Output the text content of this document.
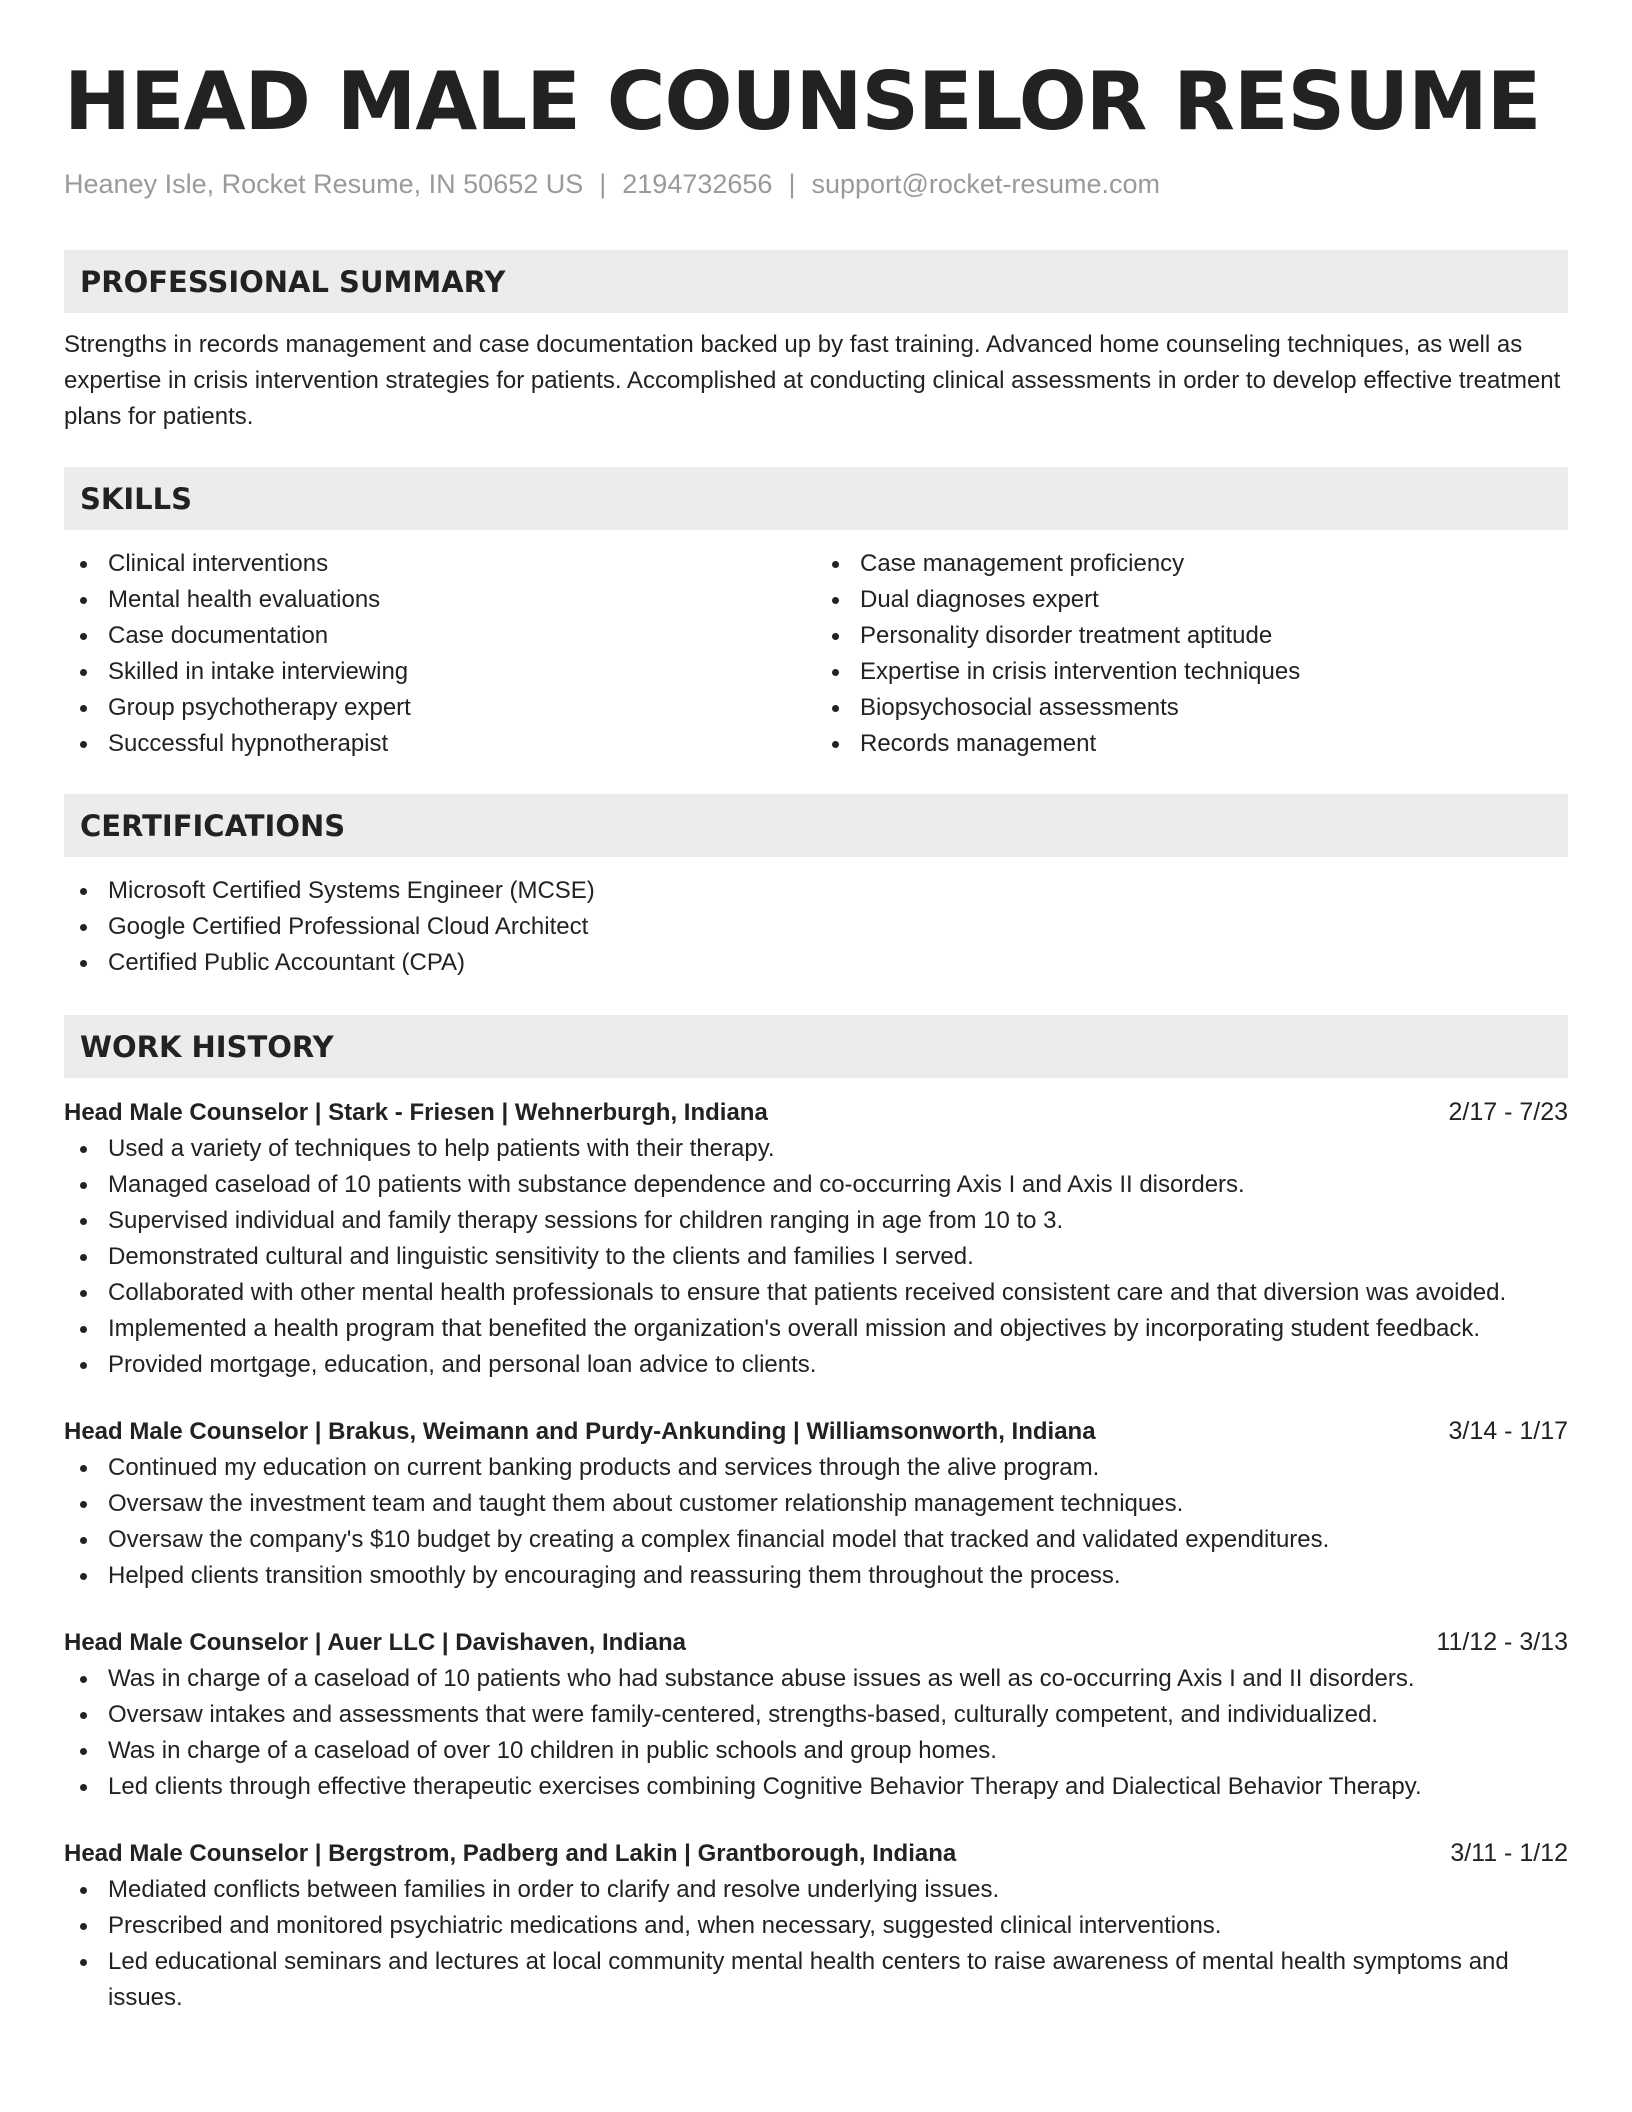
HEAD MALE COUNSELOR RESUME
Heaney Isle, Rocket Resume, IN 50652 US | 2194732656 | support@rocket-resume.com
PROFESSIONAL SUMMARY

Strengths in records management and case documentation backed up by fast training. Advanced home counseling techniques, as well as expertise in crisis intervention strategies for patients. Accomplished at conducting clinical assessments in order to develop effective treatment plans for patients.

SKILLS
Clinical interventions
Mental health evaluations
Case documentation
Skilled in intake interviewing
Group psychotherapy expert
Successful hypnotherapist
Case management proficiency
Dual diagnoses expert
Personality disorder treatment aptitude
Expertise in crisis intervention techniques
Biopsychosocial assessments
Records management
CERTIFICATIONS
Microsoft Certified Systems Engineer (MCSE)
Google Certified Professional Cloud Architect
Certified Public Accountant (CPA)
WORK HISTORY
Head Male Counselor | Stark - Friesen | Wehnerburgh, Indiana	2/17 - 7/23
Used a variety of techniques to help patients with their therapy.
Managed caseload of 10 patients with substance dependence and co-occurring Axis I and Axis II disorders.
Supervised individual and family therapy sessions for children ranging in age from 10 to 3.
Demonstrated cultural and linguistic sensitivity to the clients and families I served.
Collaborated with other mental health professionals to ensure that patients received consistent care and that diversion was avoided.
Implemented a health program that benefited the organization's overall mission and objectives by incorporating student feedback.
Provided mortgage, education, and personal loan advice to clients.
Head Male Counselor | Brakus, Weimann and Purdy-Ankunding | Williamsonworth, Indiana	3/14 - 1/17
Continued my education on current banking products and services through the alive program.
Oversaw the investment team and taught them about customer relationship management techniques.
Oversaw the company's $10 budget by creating a complex financial model that tracked and validated expenditures.
Helped clients transition smoothly by encouraging and reassuring them throughout the process.
Head Male Counselor | Auer LLC | Davishaven, Indiana	11/12 - 3/13
Was in charge of a caseload of 10 patients who had substance abuse issues as well as co-occurring Axis I and II disorders.
Oversaw intakes and assessments that were family-centered, strengths-based, culturally competent, and individualized.
Was in charge of a caseload of over 10 children in public schools and group homes.
Led clients through effective therapeutic exercises combining Cognitive Behavior Therapy and Dialectical Behavior Therapy.
Head Male Counselor | Bergstrom, Padberg and Lakin | Grantborough, Indiana	3/11 - 1/12
Mediated conflicts between families in order to clarify and resolve underlying issues.
Prescribed and monitored psychiatric medications and, when necessary, suggested clinical interventions.
Led educational seminars and lectures at local community mental health centers to raise awareness of mental health symptoms and issues.
